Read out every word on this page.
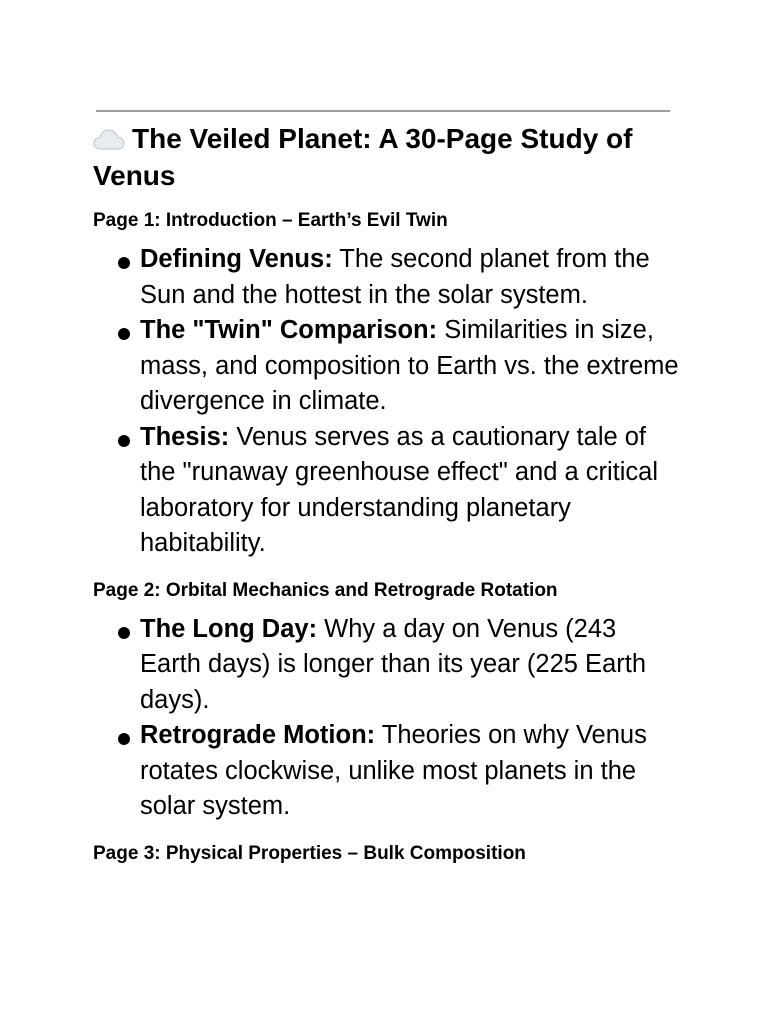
The Veiled Planet: A 30-Page Study of Venus
Page 1: Introduction – Earth’s Evil Twin
Defining Venus: The second planet from the Sun and the hottest in the solar system.
The "Twin" Comparison: Similarities in size, mass, and composition to Earth vs. the extreme divergence in climate.
Thesis: Venus serves as a cautionary tale of the "runaway greenhouse effect" and a critical laboratory for understanding planetary habitability.
Page 2: Orbital Mechanics and Retrograde Rotation
The Long Day: Why a day on Venus (243 Earth days) is longer than its year (225 Earth days).
Retrograde Motion: Theories on why Venus rotates clockwise, unlike most planets in the solar system.
Page 3: Physical Properties – Bulk Composition
